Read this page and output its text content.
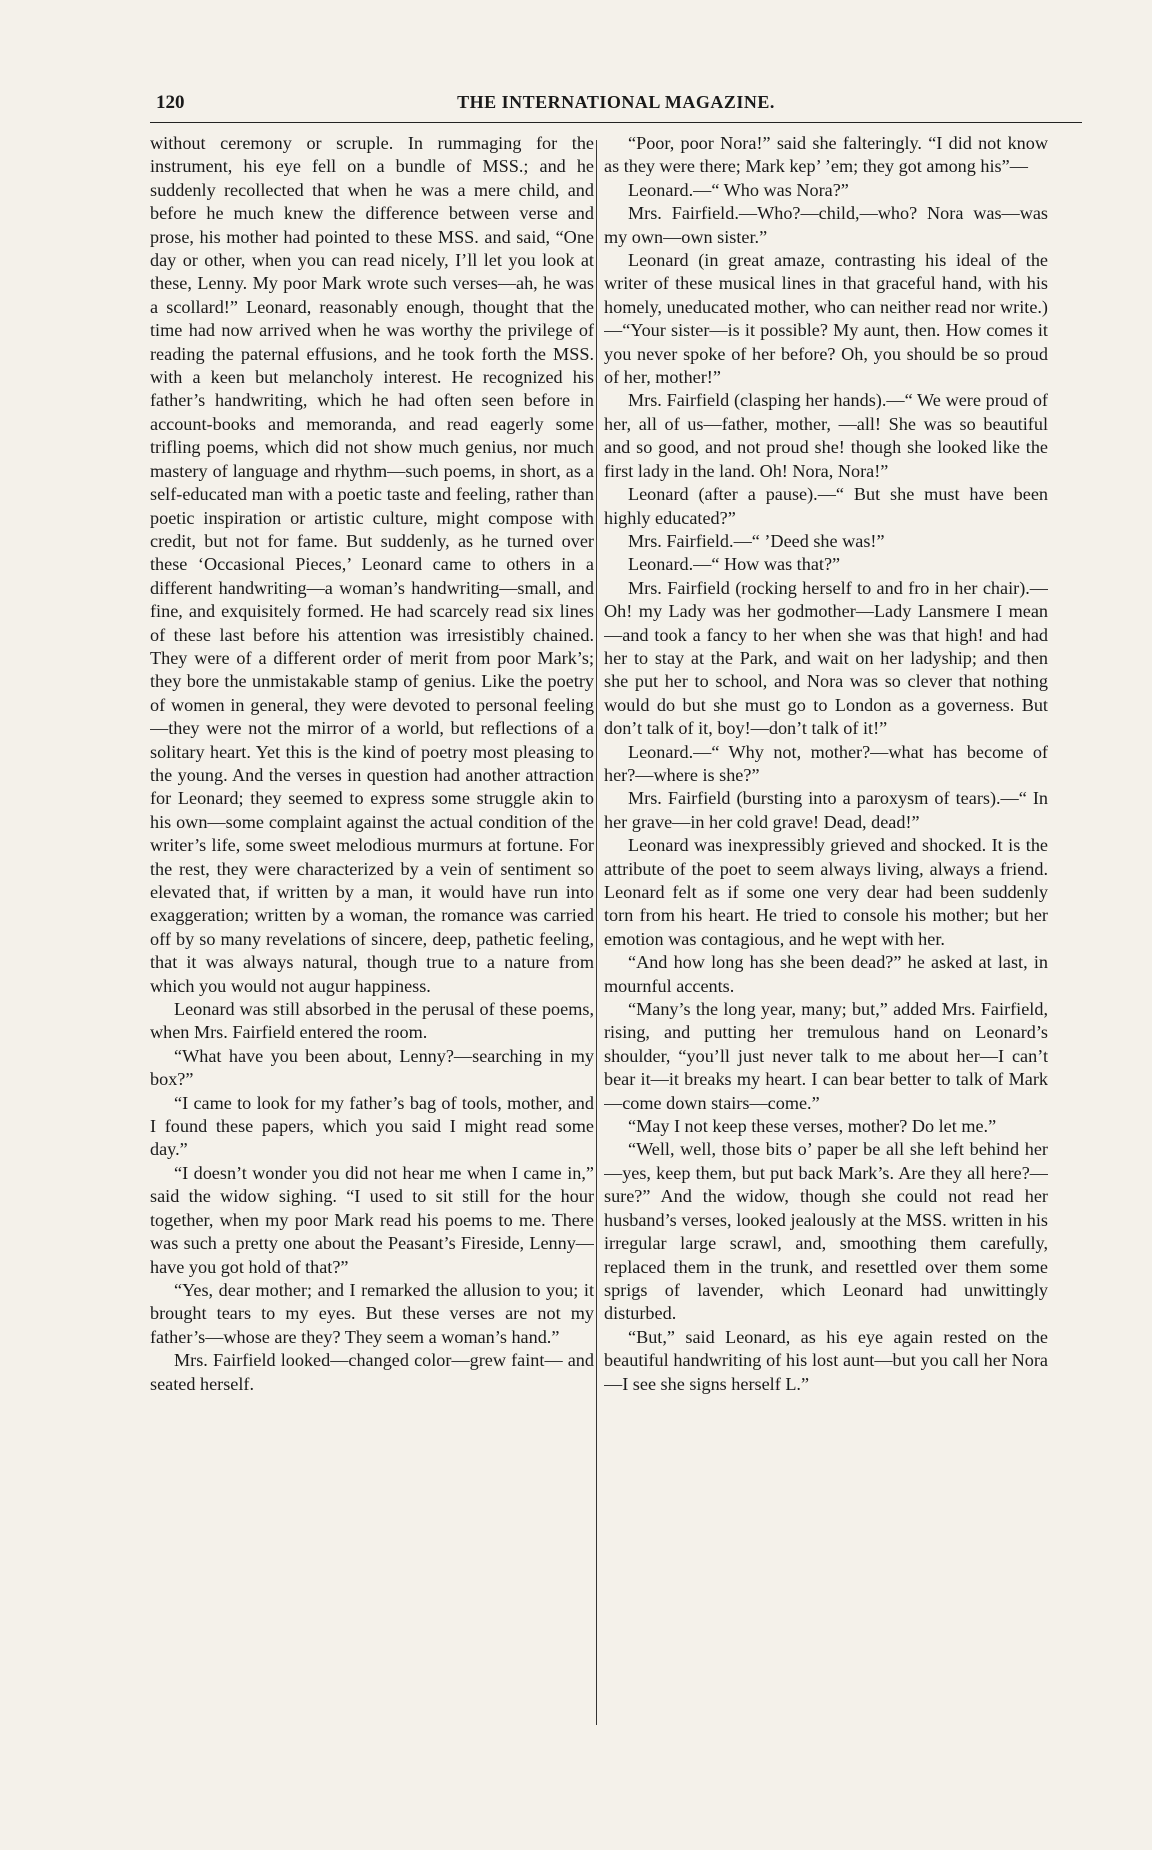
120	THE INTERNATIONAL MAGAZINE.

without ceremony or scruple. In rummaging for the instrument, his eye fell on a bundle of MSS.; and he suddenly recollected that when he was a mere child, and before he much knew the difference between verse and prose, his mother had pointed to these MSS. and said, “One day or other, when you can read nicely, I’ll let you look at these, Lenny. My poor Mark wrote such verses—ah, he was a scollard!” Leonard, reasonably enough, thought that the time had now arrived when he was worthy the privilege of reading the paternal effusions, and he took forth the MSS. with a keen but melancholy interest. He recognized his father’s handwriting, which he had often seen before in account-books and memoranda, and read eagerly some trifling poems, which did not show much genius, nor much mastery of language and rhythm—such poems, in short, as a self-educated man with a poetic taste and feeling, rather than poetic inspiration or artistic culture, might compose with credit, but not for fame. But suddenly, as he turned over these ‘Occasional Pieces,’ Leonard came to others in a different handwriting—a woman’s handwriting—small, and fine, and exquisitely formed. He had scarcely read six lines of these last before his attention was irresistibly chained. They were of a different order of merit from poor Mark’s; they bore the unmistakable stamp of genius. Like the poetry of women in general, they were devoted to personal feeling—they were not the mirror of a world, but reflections of a solitary heart. Yet this is the kind of poetry most pleasing to the young. And the verses in question had another attraction for Leonard; they seemed to express some struggle akin to his own—some complaint against the actual condition of the writer’s life, some sweet melodious murmurs at fortune. For the rest, they were characterized by a vein of sentiment so elevated that, if written by a man, it would have run into exaggeration; written by a woman, the romance was carried off by so many revelations of sincere, deep, pathetic feeling, that it was always natural, though true to a nature from which you would not augur happiness.

Leonard was still absorbed in the perusal of these poems, when Mrs. Fairfield entered the room.

“What have you been about, Lenny?—searching in my box?”

“I came to look for my father’s bag of tools, mother, and I found these papers, which you said I might read some day.”

“I doesn’t wonder you did not hear me when I came in,” said the widow sighing. “I used to sit still for the hour together, when my poor Mark read his poems to me. There was such a pretty one about the Peasant’s Fireside, Lenny—have you got hold of that?”

“Yes, dear mother; and I remarked the allusion to you; it brought tears to my eyes. But these verses are not my father’s—whose are they? They seem a woman’s hand.”

Mrs. Fairfield looked—changed color—grew faint— and seated herself.

“Poor, poor Nora!” said she falteringly. “I did not know as they were there; Mark kep’ ’em; they got among his”—

Leonard.—“ Who was Nora?”

Mrs. Fairfield.—Who?—child,—who? Nora was—was my own—own sister.”

Leonard (in great amaze, contrasting his ideal of the writer of these musical lines in that graceful hand, with his homely, uneducated mother, who can neither read nor write.)—“Your sister—is it possible? My aunt, then. How comes it you never spoke of her before? Oh, you should be so proud of her, mother!”

Mrs. Fairfield (clasping her hands).—“ We were proud of her, all of us—father, mother, —all! She was so beautiful and so good, and not proud she! though she looked like the first lady in the land. Oh! Nora, Nora!”

Leonard (after a pause).—“ But she must have been highly educated?”

Mrs. Fairfield.—“ ’Deed she was!”

Leonard.—“ How was that?”

Mrs. Fairfield (rocking herself to and fro in her chair).—Oh! my Lady was her godmother—Lady Lansmere I mean—and took a fancy to her when she was that high! and had her to stay at the Park, and wait on her ladyship; and then she put her to school, and Nora was so clever that nothing would do but she must go to London as a governess. But don’t talk of it, boy!—don’t talk of it!”

Leonard.—“ Why not, mother?—what has become of her?—where is she?”

Mrs. Fairfield (bursting into a paroxysm of tears).—“ In her grave—in her cold grave! Dead, dead!”

Leonard was inexpressibly grieved and shocked. It is the attribute of the poet to seem always living, always a friend. Leonard felt as if some one very dear had been suddenly torn from his heart. He tried to console his mother; but her emotion was contagious, and he wept with her.

“And how long has she been dead?” he asked at last, in mournful accents.

“Many’s the long year, many; but,” added Mrs. Fairfield, rising, and putting her tremulous hand on Leonard’s shoulder, “you’ll just never talk to me about her—I can’t bear it—it breaks my heart. I can bear better to talk of Mark—come down stairs—come.”

“May I not keep these verses, mother? Do let me.”

“Well, well, those bits o’ paper be all she left behind her—yes, keep them, but put back Mark’s. Are they all here?—sure?” And the widow, though she could not read her husband’s verses, looked jealously at the MSS. written in his irregular large scrawl, and, smoothing them carefully, replaced them in the trunk, and resettled over them some sprigs of lavender, which Leonard had unwittingly disturbed.

“But,” said Leonard, as his eye again rested on the beautiful handwriting of his lost aunt—but you call her Nora—I see she signs herself L.”
